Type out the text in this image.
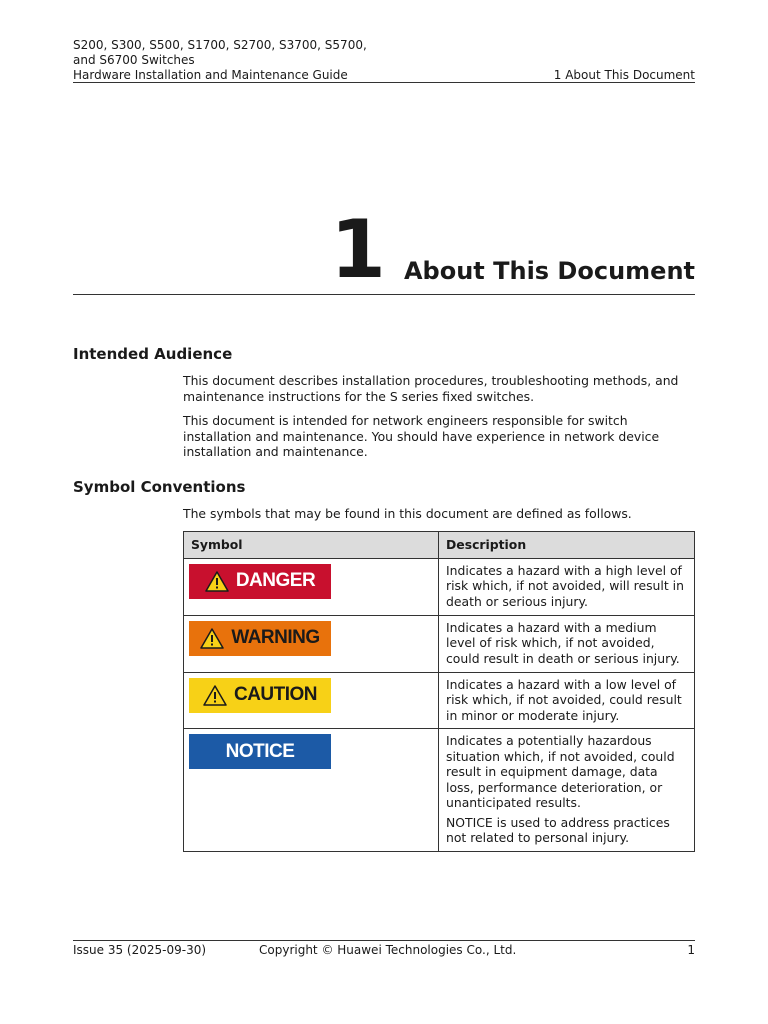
S200, S300, S500, S1700, S2700, S3700, S5700, and S6700 Switches
Hardware Installation and Maintenance Guide	1 About This Document
1 About This Document
Intended Audience

This document describes installation procedures, troubleshooting methods, and maintenance instructions for the S series fixed switches.

This document is intended for network engineers responsible for switch installation and maintenance. You should have experience in network device installation and maintenance.

Symbol Conventions

The symbols that may be found in this document are defined as follows.

Symbol	Description

DANGER	Indicates a hazard with a high level of risk which, if not avoided, will result in death or serious injury.

WARNING	Indicates a hazard with a medium level of risk which, if not avoided, could result in death or serious injury.

CAUTION	Indicates a hazard with a low level of risk which, if not avoided, could result in minor or moderate injury.

NOTICE	Indicates a potentially hazardous situation which, if not avoided, could result in equipment damage, data loss, performance deterioration, or unanticipated results.

NOTICE is used to address practices not related to personal injury.

Issue 35 (2025-09-30)	Copyright © Huawei Technologies Co., Ltd.	1
